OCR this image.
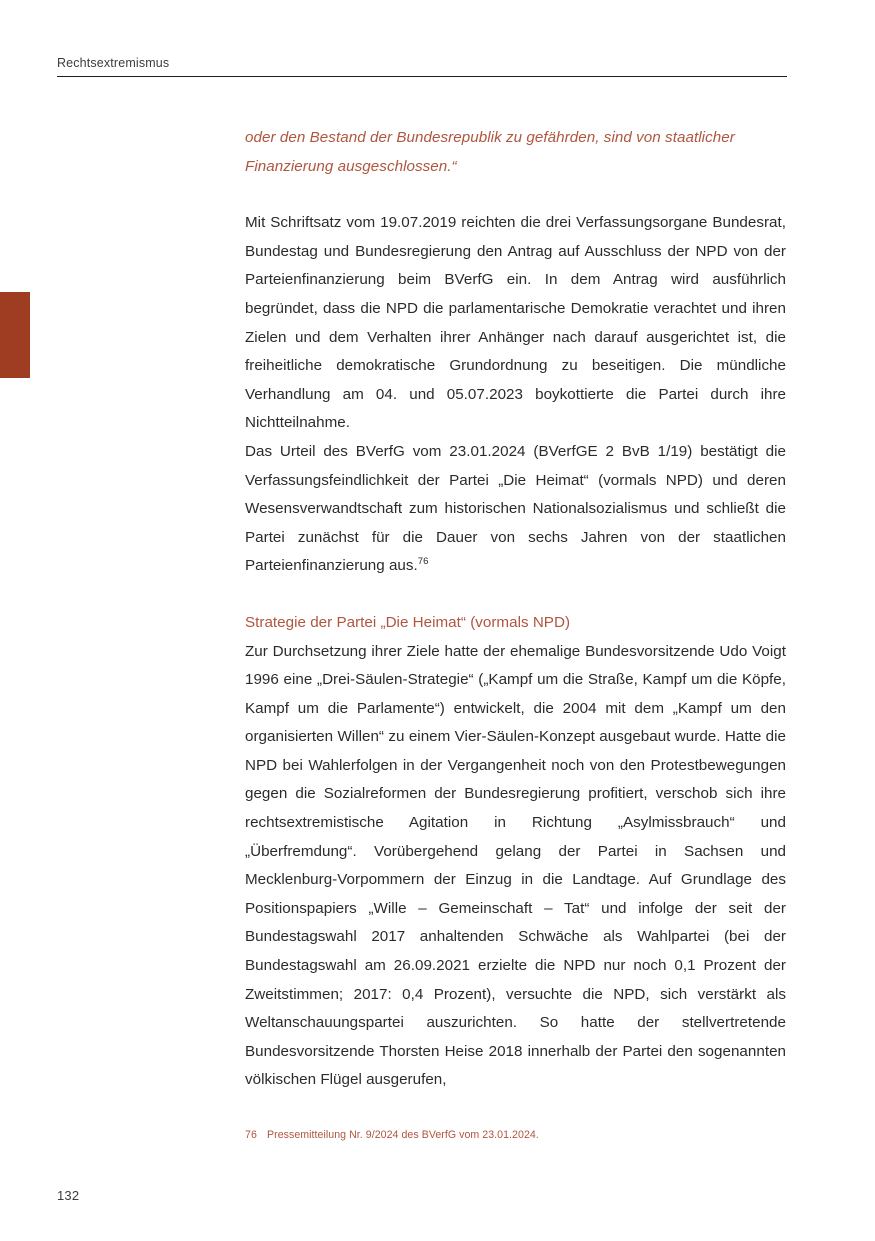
Rechtsextremismus
oder den Bestand der Bundesrepublik zu gefährden, sind von staatlicher Finanzierung ausgeschlossen.“
Mit Schriftsatz vom 19.07.2019 reichten die drei Verfassungsorgane Bundesrat, Bundestag und Bundesregierung den Antrag auf Ausschluss der NPD von der Parteienfinanzierung beim BVerfG ein. In dem Antrag wird ausführlich begründet, dass die NPD die parlamentarische Demokratie verachtet und ihren Zielen und dem Verhalten ihrer Anhänger nach darauf ausgerichtet ist, die freiheitliche demokratische Grundordnung zu beseitigen. Die mündliche Verhandlung am 04. und 05.07.2023 boykottierte die Partei durch ihre Nichtteilnahme.
Das Urteil des BVerfG vom 23.01.2024 (BVerfGE 2 BvB 1/19) bestätigt die Verfassungsfeindlichkeit der Partei „Die Heimat“ (vormals NPD) und deren Wesensverwandtschaft zum historischen Nationalsozialismus und schließt die Partei zunächst für die Dauer von sechs Jahren von der staatlichen Parteienfinanzierung aus.$^{76}$
Strategie der Partei „Die Heimat“ (vormals NPD)
Zur Durchsetzung ihrer Ziele hatte der ehemalige Bundesvorsitzende Udo Voigt 1996 eine „Drei-Säulen-Strategie“ („Kampf um die Straße, Kampf um die Köpfe, Kampf um die Parlamente“) entwickelt, die 2004 mit dem „Kampf um den organisierten Willen“ zu einem Vier-Säulen-Konzept ausgebaut wurde. Hatte die NPD bei Wahlerfolgen in der Vergangenheit noch von den Protestbewegungen gegen die Sozialreformen der Bundesregierung profitiert, verschob sich ihre rechtsextremistische Agitation in Richtung „Asylmissbrauch“ und „Überfremdung“. Vorübergehend gelang der Partei in Sachsen und Mecklenburg-Vorpommern der Einzug in die Landtage. Auf Grundlage des Positionspapiers „Wille – Gemeinschaft – Tat“ und infolge der seit der Bundestagswahl 2017 anhaltenden Schwäche als Wahlpartei (bei der Bundestagswahl am 26.09.2021 erzielte die NPD nur noch 0,1 Prozent der Zweitstimmen; 2017: 0,4 Prozent), versuchte die NPD, sich verstärkt als Weltanschauungspartei auszurichten. So hatte der stellvertretende Bundesvorsitzende Thorsten Heise 2018 innerhalb der Partei den sogenannten völkischen Flügel ausgerufen,
76 Pressemitteilung Nr. 9/2024 des BVerfG vom 23.01.2024.
132
